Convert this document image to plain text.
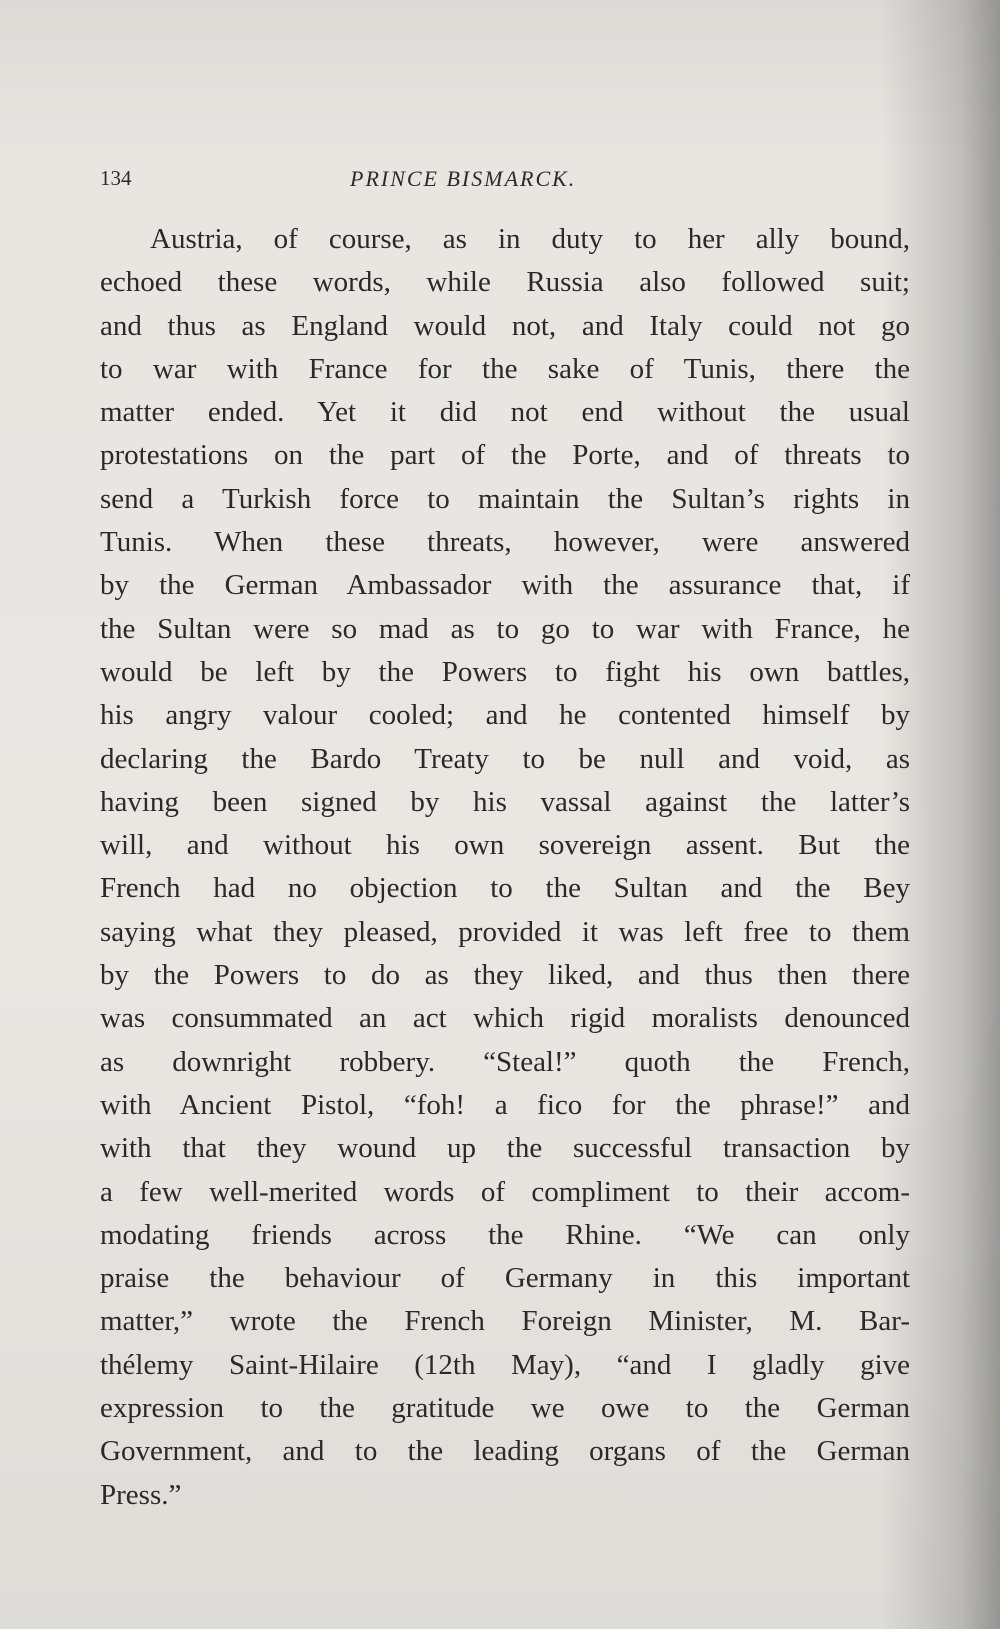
134	PRINCE BISMARCK.
Austria, of course, as in duty to her ally bound,
echoed these words, while Russia also followed suit;
and thus as England would not, and Italy could not go
to war with France for the sake of Tunis, there the
matter ended. Yet it did not end without the usual
protestations on the part of the Porte, and of threats to
send a Turkish force to maintain the Sultan’s rights in
Tunis. When these threats, however, were answered
by the German Ambassador with the assurance that, if
the Sultan were so mad as to go to war with France, he
would be left by the Powers to fight his own battles,
his angry valour cooled; and he contented himself by
declaring the Bardo Treaty to be null and void, as
having been signed by his vassal against the latter’s
will, and without his own sovereign assent. But the
French had no objection to the Sultan and the Bey
saying what they pleased, provided it was left free to them
by the Powers to do as they liked, and thus then there
was consummated an act which rigid moralists denounced
as downright robbery. “Steal!” quoth the French,
with Ancient Pistol, “foh! a fico for the phrase!” and
with that they wound up the successful transaction by
a few well-merited words of compliment to their accom-
modating friends across the Rhine. “We can only
praise the behaviour of Germany in this important
matter,” wrote the French Foreign Minister, M. Bar-
thélemy Saint-Hilaire (12th May), “and I gladly give
expression to the gratitude we owe to the German
Government, and to the leading organs of the German
Press.”
